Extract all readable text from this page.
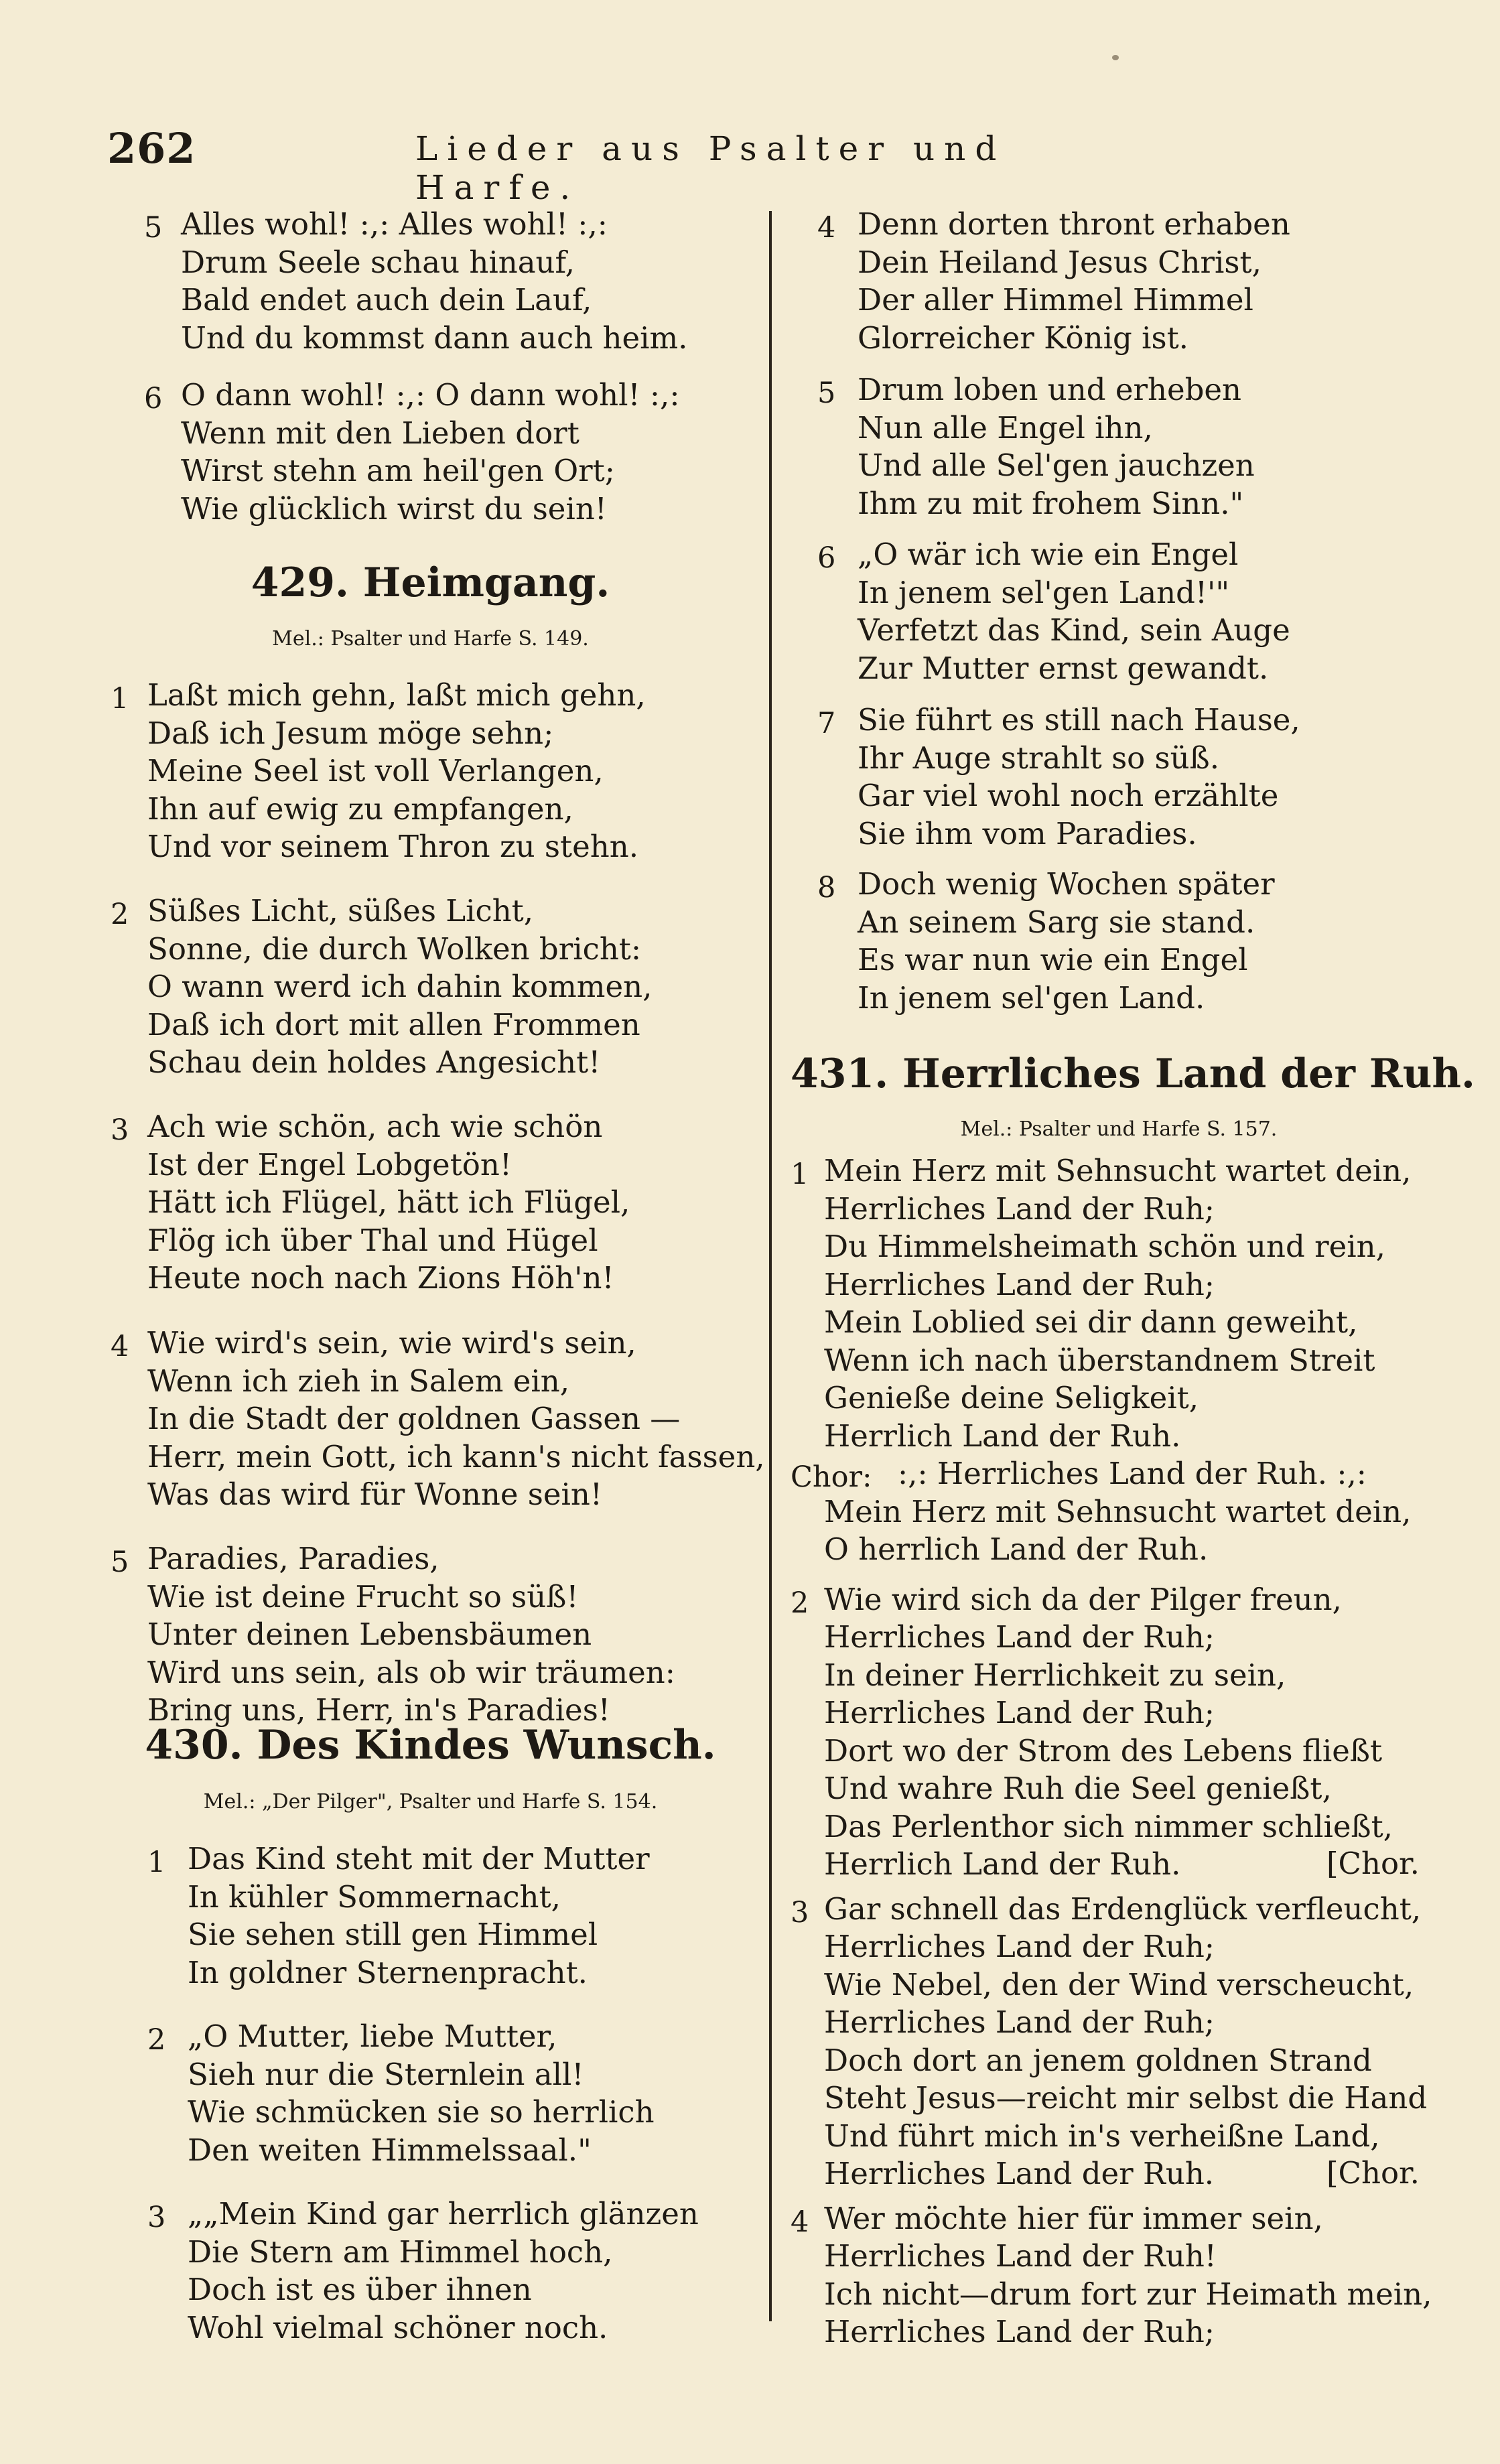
262	Lieder aus Psalter und Harfe.
5 Alles wohl! :,: Alles wohl! :,:
Drum Seele schau hinauf,
Bald endet auch dein Lauf,
Und du kommst dann auch heim.
6 O dann wohl! :,: O dann wohl! :,:
Wenn mit den Lieben dort
Wirst stehn am heil'gen Ort;
Wie glücklich wirst du sein!
429. Heimgang.
Mel.: Psalter und Harfe S. 149.
1 Laßt mich gehn, laßt mich gehn,
Daß ich Jesum möge sehn;
Meine Seel ist voll Verlangen,
Ihn auf ewig zu empfangen,
Und vor seinem Thron zu stehn.
2 Süßes Licht, süßes Licht,
Sonne, die durch Wolken bricht:
O wann werd ich dahin kommen,
Daß ich dort mit allen Frommen
Schau dein holdes Angesicht!
3 Ach wie schön, ach wie schön
Ist der Engel Lobgetön!
Hätt ich Flügel, hätt ich Flügel,
Flög ich über Thal und Hügel
Heute noch nach Zions Höh'n!
4 Wie wird's sein, wie wird's sein,
Wenn ich zieh in Salem ein,
In die Stadt der goldnen Gassen —
Herr, mein Gott, ich kann's nicht fassen,
Was das wird für Wonne sein!
5 Paradies, Paradies,
Wie ist deine Frucht so süß!
Unter deinen Lebensbäumen
Wird uns sein, als ob wir träumen:
Bring uns, Herr, in's Paradies!
430. Des Kindes Wunsch.
Mel.: „Der Pilger", Psalter und Harfe S. 154.
1 Das Kind steht mit der Mutter
In kühler Sommernacht,
Sie sehen still gen Himmel
In goldner Sternenpracht.
2 „O Mutter, liebe Mutter,
Sieh nur die Sternlein all!
Wie schmücken sie so herrlich
Den weiten Himmelssaal."
3 „„Mein Kind gar herrlich glänzen
Die Stern am Himmel hoch,
Doch ist es über ihnen
Wohl vielmal schöner noch.
4 Denn dorten thront erhaben
Dein Heiland Jesus Christ,
Der aller Himmel Himmel
Glorreicher König ist.
5 Drum loben und erheben
Nun alle Engel ihn,
Und alle Sel'gen jauchzen
Ihm zu mit frohem Sinn."
6 „O wär ich wie ein Engel
In jenem sel'gen Land!'"
Verfetzt das Kind, sein Auge
Zur Mutter ernst gewandt.
7 Sie führt es still nach Hause,
Ihr Auge strahlt so süß.
Gar viel wohl noch erzählte
Sie ihm vom Paradies.
8 Doch wenig Wochen später
An seinem Sarg sie stand.
Es war nun wie ein Engel
In jenem sel'gen Land.
431. Herrliches Land der Ruh.
Mel.: Psalter und Harfe S. 157.
1 Mein Herz mit Sehnsucht wartet dein,
Herrliches Land der Ruh;
Du Himmelsheimath schön und rein,
Herrliches Land der Ruh;
Mein Loblied sei dir dann geweiht,
Wenn ich nach überstandnem Streit
Genieße deine Seligkeit,
Herrlich Land der Ruh.
Chor: :,: Herrliches Land der Ruh. :,:
Mein Herz mit Sehnsucht wartet dein,
O herrlich Land der Ruh.
2 Wie wird sich da der Pilger freun,
Herrliches Land der Ruh;
In deiner Herrlichkeit zu sein,
Herrliches Land der Ruh;
Dort wo der Strom des Lebens fließt
Und wahre Ruh die Seel genießt,
Das Perlenthor sich nimmer schließt,
Herrlich Land der Ruh.	[Chor.
3 Gar schnell das Erdenglück verfleucht,
Herrliches Land der Ruh;
Wie Nebel, den der Wind verscheucht,
Herrliches Land der Ruh;
Doch dort an jenem goldnen Strand
Steht Jesus—reicht mir selbst die Hand
Und führt mich in's verheißne Land,
Herrliches Land der Ruh.	[Chor.
4 Wer möchte hier für immer sein,
Herrliches Land der Ruh!
Ich nicht—drum fort zur Heimath mein,
Herrliches Land der Ruh;
